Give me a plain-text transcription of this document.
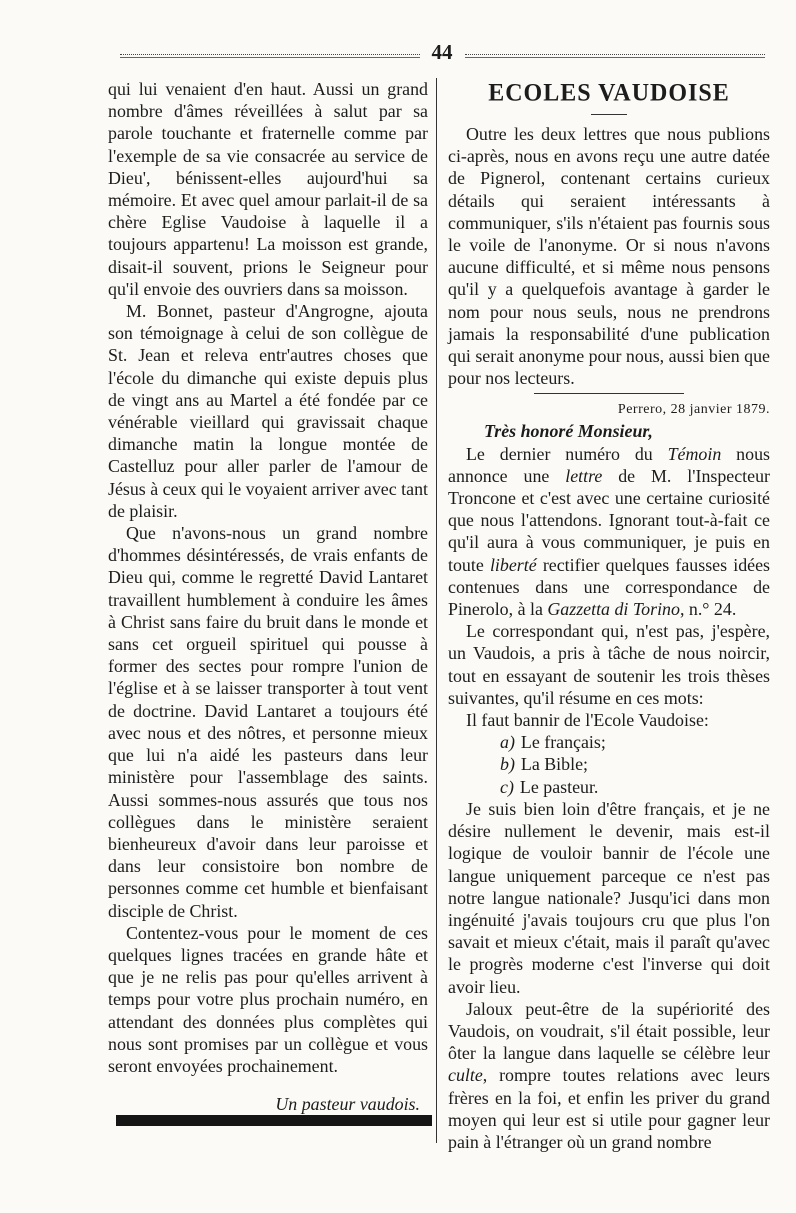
44

qui lui venaient d'en haut. Aussi un grand nombre d'âmes réveillées à salut par sa parole touchante et fraternelle comme par l'exemple de sa vie consacrée au service de Dieu', bénissent-elles aujourd'hui sa mémoire. Et avec quel amour parlait-il de sa chère Eglise Vaudoise à laquelle il a toujours appartenu! La moisson est grande, disait-il souvent, prions le Seigneur pour qu'il envoie des ouvriers dans sa moisson.

M. Bonnet, pasteur d'Angrogne, ajouta son témoignage à celui de son collègue de St. Jean et releva entr'autres choses que l'école du dimanche qui existe depuis plus de vingt ans au Martel a été fondée par ce vénérable vieillard qui gravissait chaque dimanche matin la longue montée de Castelluz pour aller parler de l'amour de Jésus à ceux qui le voyaient arriver avec tant de plaisir.

Que n'avons-nous un grand nombre d'hommes désintéressés, de vrais enfants de Dieu qui, comme le regretté David Lantaret travaillent humblement à conduire les âmes à Christ sans faire du bruit dans le monde et sans cet orgueil spirituel qui pousse à former des sectes pour rompre l'union de l'église et à se laisser transporter à tout vent de doctrine. David Lantaret a toujours été avec nous et des nôtres, et personne mieux que lui n'a aidé les pasteurs dans leur ministère pour l'assemblage des saints. Aussi sommes-nous assurés que tous nos collègues dans le ministère seraient bienheureux d'avoir dans leur paroisse et dans leur consistoire bon nombre de personnes comme cet humble et bienfaisant disciple de Christ.

Contentez-vous pour le moment de ces quelques lignes tracées en grande hâte et que je ne relis pas pour qu'elles arrivent à temps pour votre plus prochain numéro, en attendant des données plus complètes qui nous sont promises par un collègue et vous seront envoyées prochainement.

Un pasteur vaudois.
ECOLES VAUDOISE

Outre les deux lettres que nous publions ci-après, nous en avons reçu une autre datée de Pignerol, contenant certains curieux détails qui seraient intéressants à communiquer, s'ils n'étaient pas fournis sous le voile de l'anonyme. Or si nous n'avons aucune difficulté, et si même nous pensons qu'il y a quelquefois avantage à garder le nom pour nous seuls, nous ne prendrons jamais la responsabilité d'une publication qui serait anonyme pour nous, aussi bien que pour nos lecteurs.

Perrero, 28 janvier 1879.

Très honoré Monsieur,

Le dernier numéro du Témoin nous annonce une lettre de M. l'Inspecteur Troncone et c'est avec une certaine curiosité que nous l'attendons. Ignorant tout-à-fait ce qu'il aura à vous communiquer, je puis en toute liberté rectifier quelques fausses idées contenues dans une correspondance de Pinerolo, à la Gazzetta di Torino, n.° 24.

Le correspondant qui, n'est pas, j'espère, un Vaudois, a pris à tâche de nous noircir, tout en essayant de soutenir les trois thèses suivantes, qu'il résume en ces mots:

Il faut bannir de l'Ecole Vaudoise:

a) Le français;

b) La Bible;

c) Le pasteur.

Je suis bien loin d'être français, et je ne désire nullement le devenir, mais est-il logique de vouloir bannir de l'école une langue uniquement parceque ce n'est pas notre langue nationale? Jusqu'ici dans mon ingénuité j'avais toujours cru que plus l'on savait et mieux c'était, mais il paraît qu'avec le progrès moderne c'est l'inverse qui doit avoir lieu.

Jaloux peut-être de la supériorité des Vaudois, on voudrait, s'il était possible, leur ôter la langue dans laquelle se célèbre leur culte, rompre toutes relations avec leurs frères en la foi, et enfin les priver du grand moyen qui leur est si utile pour gagner leur pain à l'étranger où un grand nombre
